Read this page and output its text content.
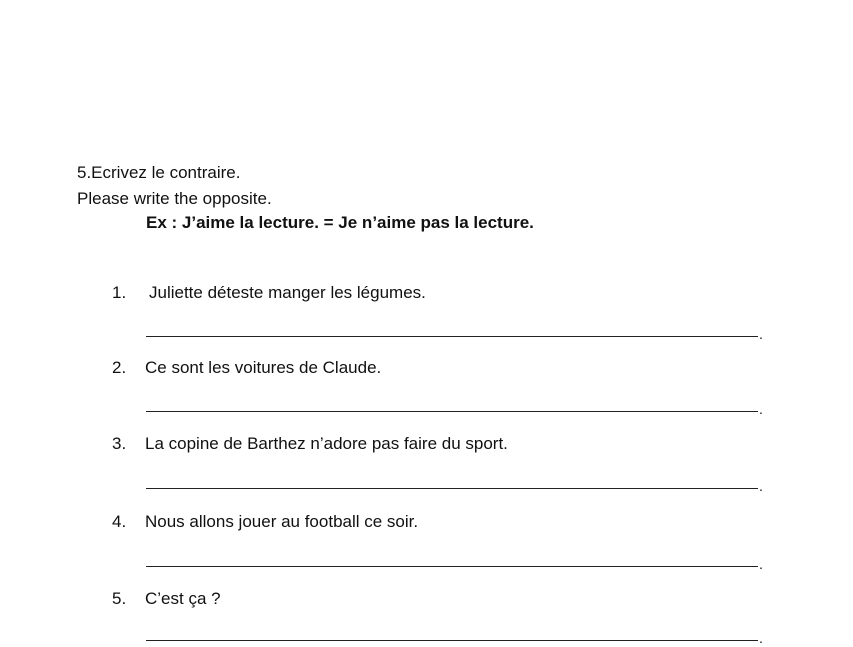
5.Ecrivez le contraire.
Please write the opposite.
Ex : J’aime la lecture. = Je n’aime pas la lecture.
1. Juliette déteste manger les légumes.
.
2. Ce sont les voitures de Claude.
.
3. La copine de Barthez n’adore pas faire du sport.
.
4. Nous allons jouer au football ce soir.
.
5. C’est ça ?
.
